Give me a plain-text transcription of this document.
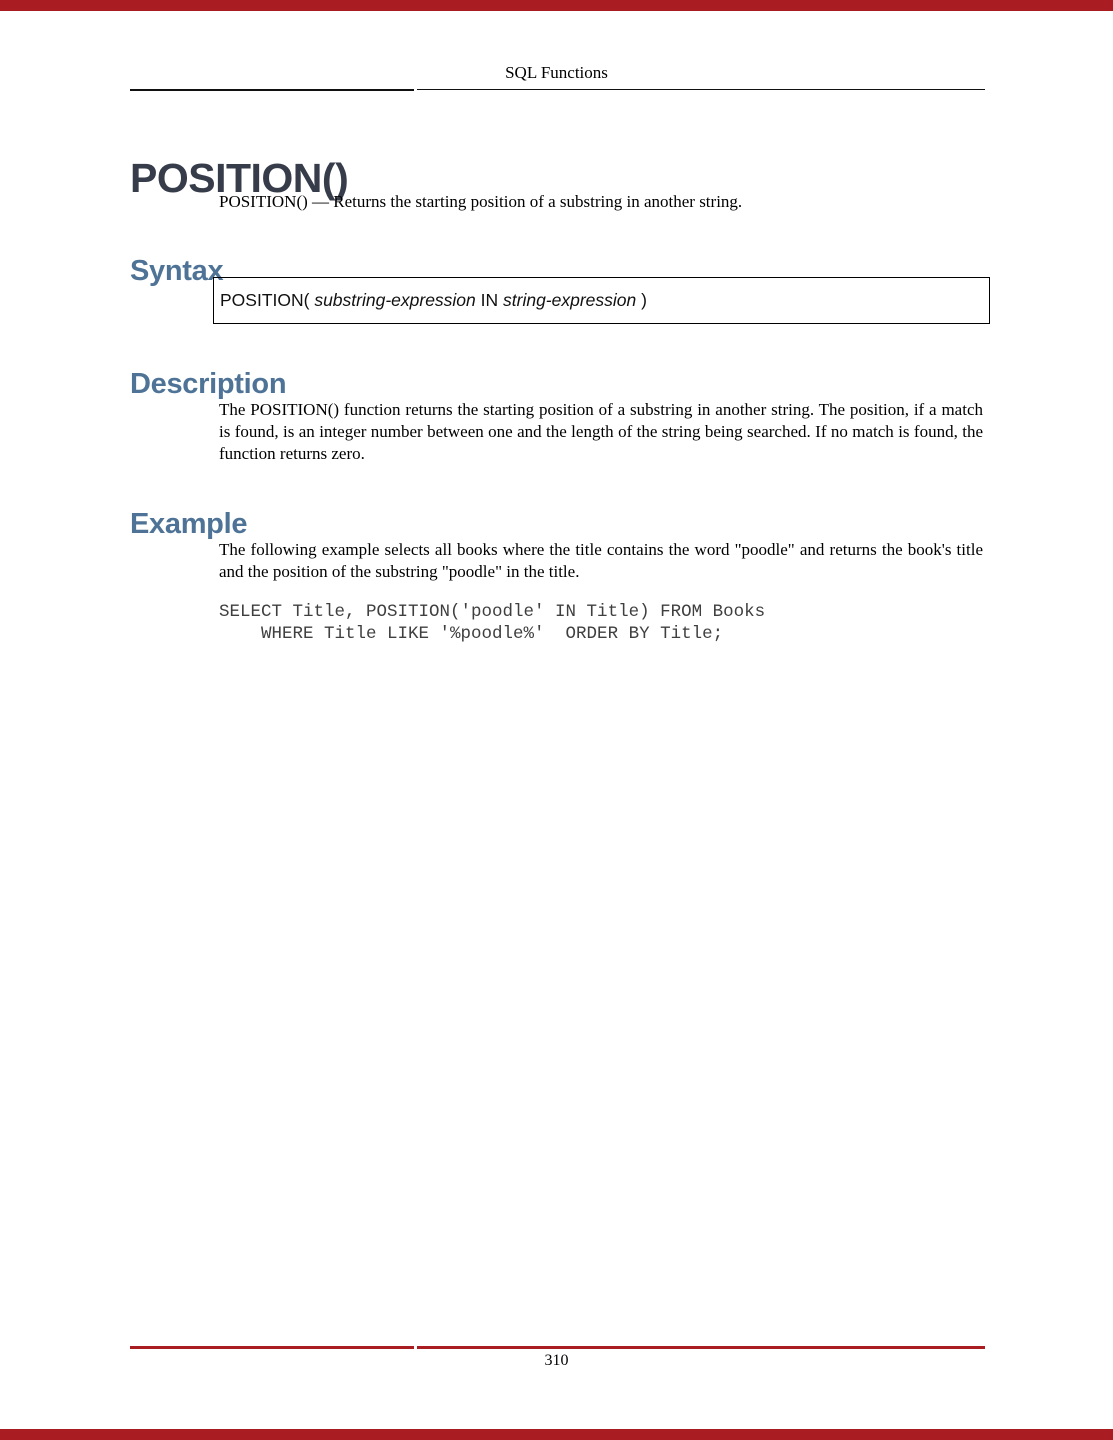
SQL Functions
POSITION()
POSITION() — Returns the starting position of a substring in another string.
Syntax
POSITION( substring-expression IN string-expression )
Description
The POSITION() function returns the starting position of a substring in another string. The position, if a match is found, is an integer number between one and the length of the string being searched. If no match is found, the function returns zero.
Example
The following example selects all books where the title contains the word "poodle" and returns the book's title and the position of the substring "poodle" in the title.
SELECT Title, POSITION('poodle' IN Title) FROM Books
WHERE Title LIKE '%poodle%'  ORDER BY Title;
310
